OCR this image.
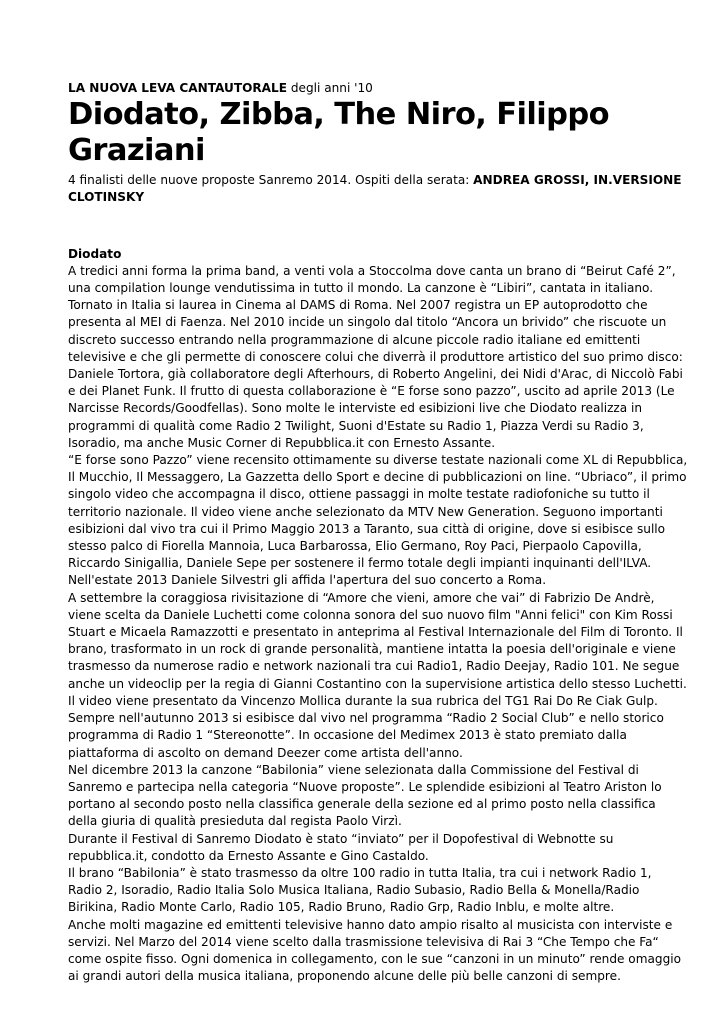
LA NUOVA LEVA CANTAUTORALE degli anni '10

Diodato, Zibba, The Niro, Filippo Graziani

4 finalisti delle nuove proposte Sanremo 2014. Ospiti della serata: ANDREA GROSSI, IN.VERSIONE CLOTINSKY

Diodato

A tredici anni forma la prima band, a venti vola a Stoccolma dove canta un brano di “Beirut Café 2”, una compilation lounge vendutissima in tutto il mondo. La canzone è “Libiri”, cantata in italiano. Tornato in Italia si laurea in Cinema al DAMS di Roma. Nel 2007 registra un EP autoprodotto che presenta al MEI di Faenza. Nel 2010 incide un singolo dal titolo “Ancora un brivido” che riscuote un discreto successo entrando nella programmazione di alcune piccole radio italiane ed emittenti televisive e che gli permette di conoscere colui che diverrà il produttore artistico del suo primo disco: Daniele Tortora, già collaboratore degli Afterhours, di Roberto Angelini, dei Nidi d'Arac, di Niccolò Fabi e dei Planet Funk. Il frutto di questa collaborazione è “E forse sono pazzo”, uscito ad aprile 2013 (Le Narcisse Records/Goodfellas). Sono molte le interviste ed esibizioni live che Diodato realizza in programmi di qualità come Radio 2 Twilight, Suoni d'Estate su Radio 1, Piazza Verdi su Radio 3, Isoradio, ma anche Music Corner di Repubblica.it con Ernesto Assante.

“E forse sono Pazzo” viene recensito ottimamente su diverse testate nazionali come XL di Repubblica, Il Mucchio, Il Messaggero, La Gazzetta dello Sport e decine di pubblicazioni on line. “Ubriaco”, il primo singolo video che accompagna il disco, ottiene passaggi in molte testate radiofoniche su tutto il territorio nazionale. Il video viene anche selezionato da MTV New Generation. Seguono importanti esibizioni dal vivo tra cui il Primo Maggio 2013 a Taranto, sua città di origine, dove si esibisce sullo stesso palco di Fiorella Mannoia, Luca Barbarossa, Elio Germano, Roy Paci, Pierpaolo Capovilla, Riccardo Sinigallia, Daniele Sepe per sostenere il fermo totale degli impianti inquinanti dell'ILVA. Nell'estate 2013 Daniele Silvestri gli affida l'apertura del suo concerto a Roma.

A settembre la coraggiosa rivisitazione di “Amore che vieni, amore che vai” di Fabrizio De Andrè, viene scelta da Daniele Luchetti come colonna sonora del suo nuovo film "Anni felici" con Kim Rossi Stuart e Micaela Ramazzotti e presentato in anteprima al Festival Internazionale del Film di Toronto. Il brano, trasformato in un rock di grande personalità, mantiene intatta la poesia dell'originale e viene trasmesso da numerose radio e network nazionali tra cui Radio1, Radio Deejay, Radio 101. Ne segue anche un videoclip per la regia di Gianni Costantino con la supervisione artistica dello stesso Luchetti. Il video viene presentato da Vincenzo Mollica durante la sua rubrica del TG1 Rai Do Re Ciak Gulp. Sempre nell'autunno 2013 si esibisce dal vivo nel programma “Radio 2 Social Club” e nello storico programma di Radio 1 “Stereonotte”. In occasione del Medimex 2013 è stato premiato dalla piattaforma di ascolto on demand Deezer come artista dell'anno.

Nel dicembre 2013 la canzone “Babilonia” viene selezionata dalla Commissione del Festival di Sanremo e partecipa nella categoria “Nuove proposte”. Le splendide esibizioni al Teatro Ariston lo portano al secondo posto nella classifica generale della sezione ed al primo posto nella classifica della giuria di qualità presieduta dal regista Paolo Virzì.

Durante il Festival di Sanremo Diodato è stato “inviato” per il Dopofestival di Webnotte su repubblica.it, condotto da Ernesto Assante e Gino Castaldo.

Il brano “Babilonia” è stato trasmesso da oltre 100 radio in tutta Italia, tra cui i network Radio 1, Radio 2, Isoradio, Radio Italia Solo Musica Italiana, Radio Subasio, Radio Bella & Monella/Radio Birikina, Radio Monte Carlo, Radio 105, Radio Bruno, Radio Grp, Radio Inblu, e molte altre.

Anche molti magazine ed emittenti televisive hanno dato ampio risalto al musicista con interviste e servizi. Nel Marzo del 2014 viene scelto dalla trasmissione televisiva di Rai 3 “Che Tempo che Fa“ come ospite fisso. Ogni domenica in collegamento, con le sue “canzoni in un minuto” rende omaggio ai grandi autori della musica italiana, proponendo alcune delle più belle canzoni di sempre.
